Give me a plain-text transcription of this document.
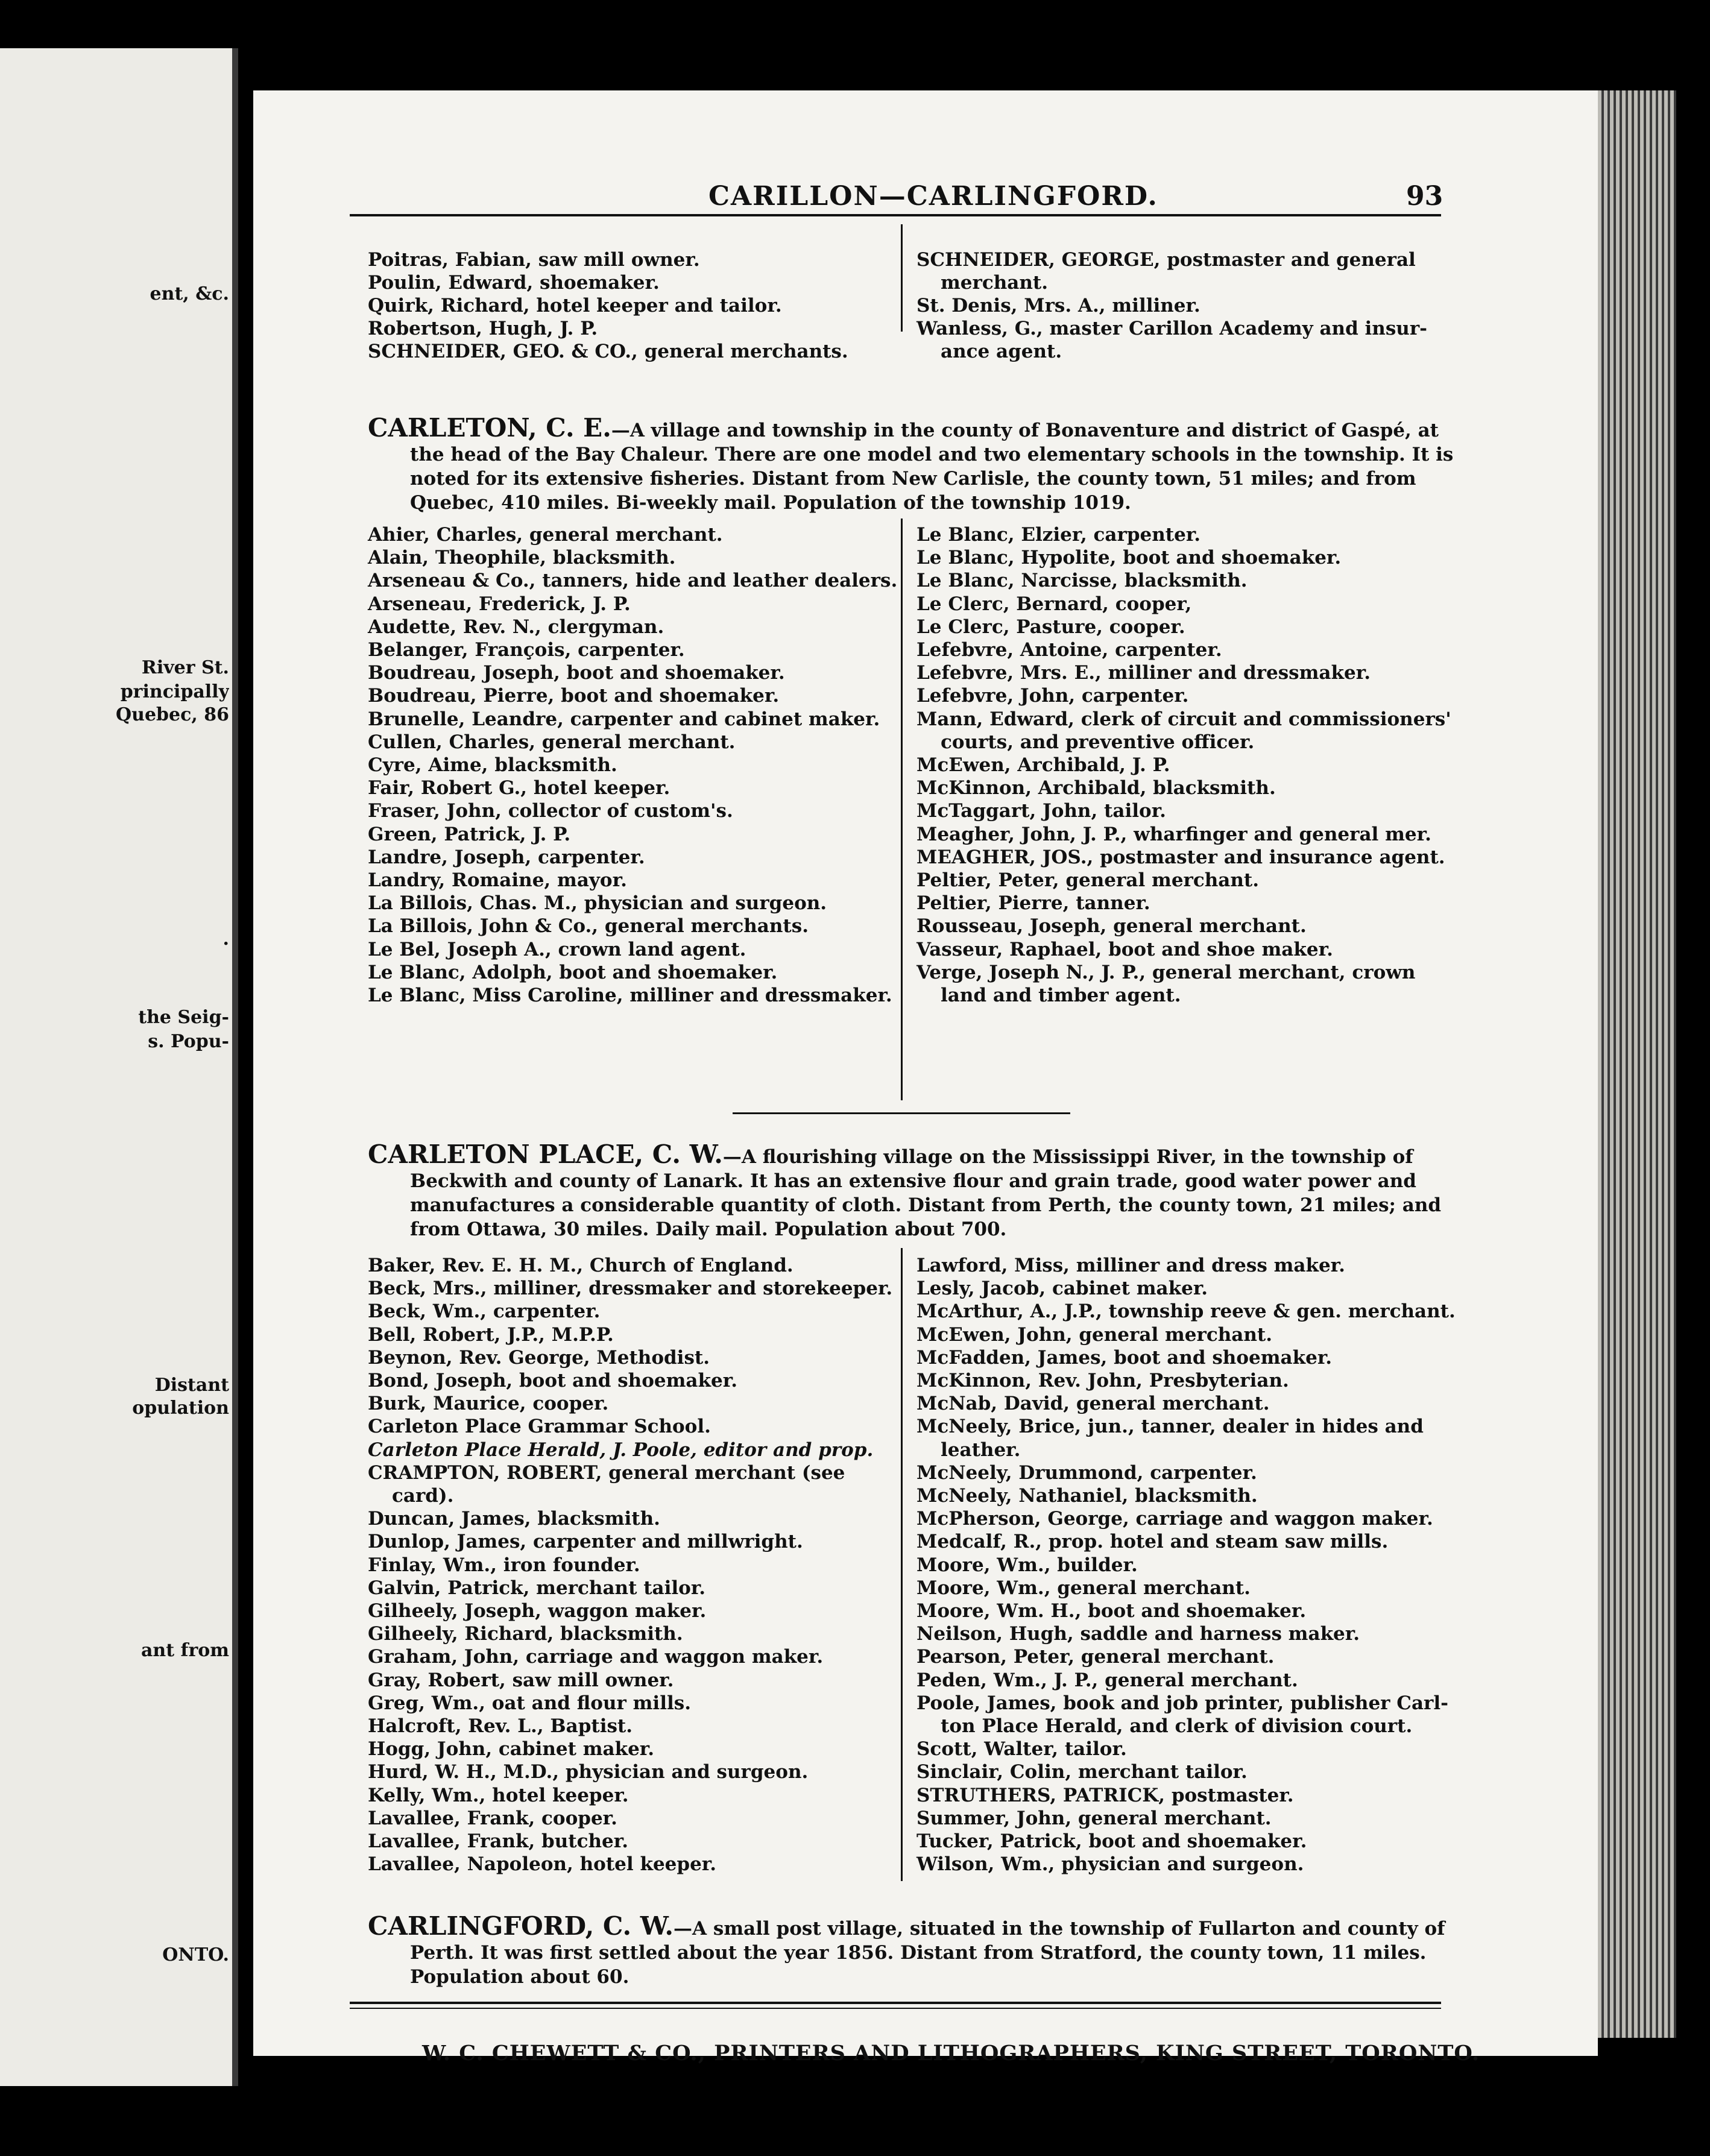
ent, &c.
River St.
principally
Quebec, 86
.
the Seig-
s. Popu-
Distant
opulation
ant from
ONTO.
CARILLON—CARLINGFORD.	93
Poitras, Fabian, saw mill owner.
Poulin, Edward, shoemaker.
Quirk, Richard, hotel keeper and tailor.
Robertson, Hugh, J. P.
SCHNEIDER, GEO. & CO., general merchants.
SCHNEIDER, GEORGE, postmaster and general
merchant.
St. Denis, Mrs. A., milliner.
Wanless, G., master Carillon Academy and insur-
ance agent.
CARLETON, C. E.—A village and township in the county of Bonaventure and district of Gaspé, at
the head of the Bay Chaleur. There are one model and two elementary schools in the township. It is
noted for its extensive fisheries. Distant from New Carlisle, the county town, 51 miles; and from
Quebec, 410 miles. Bi-weekly mail. Population of the township 1019.
Ahier, Charles, general merchant.
Alain, Theophile, blacksmith.
Arseneau & Co., tanners, hide and leather dealers.
Arseneau, Frederick, J. P.
Audette, Rev. N., clergyman.
Belanger, François, carpenter.
Boudreau, Joseph, boot and shoemaker.
Boudreau, Pierre, boot and shoemaker.
Brunelle, Leandre, carpenter and cabinet maker.
Cullen, Charles, general merchant.
Cyre, Aime, blacksmith.
Fair, Robert G., hotel keeper.
Fraser, John, collector of custom's.
Green, Patrick, J. P.
Landre, Joseph, carpenter.
Landry, Romaine, mayor.
La Billois, Chas. M., physician and surgeon.
La Billois, John & Co., general merchants.
Le Bel, Joseph A., crown land agent.
Le Blanc, Adolph, boot and shoemaker.
Le Blanc, Miss Caroline, milliner and dressmaker.
Le Blanc, Elzier, carpenter.
Le Blanc, Hypolite, boot and shoemaker.
Le Blanc, Narcisse, blacksmith.
Le Clerc, Bernard, cooper,
Le Clerc, Pasture, cooper.
Lefebvre, Antoine, carpenter.
Lefebvre, Mrs. E., milliner and dressmaker.
Lefebvre, John, carpenter.
Mann, Edward, clerk of circuit and commissioners'
courts, and preventive officer.
McEwen, Archibald, J. P.
McKinnon, Archibald, blacksmith.
McTaggart, John, tailor.
Meagher, John, J. P., wharfinger and general mer.
MEAGHER, JOS., postmaster and insurance agent.
Peltier, Peter, general merchant.
Peltier, Pierre, tanner.
Rousseau, Joseph, general merchant.
Vasseur, Raphael, boot and shoe maker.
Verge, Joseph N., J. P., general merchant, crown
land and timber agent.
CARLETON PLACE, C. W.—A flourishing village on the Mississippi River, in the township of
Beckwith and county of Lanark. It has an extensive flour and grain trade, good water power and
manufactures a considerable quantity of cloth. Distant from Perth, the county town, 21 miles; and
from Ottawa, 30 miles. Daily mail. Population about 700.
Baker, Rev. E. H. M., Church of England.
Beck, Mrs., milliner, dressmaker and storekeeper.
Beck, Wm., carpenter.
Bell, Robert, J.P., M.P.P.
Beynon, Rev. George, Methodist.
Bond, Joseph, boot and shoemaker.
Burk, Maurice, cooper.
Carleton Place Grammar School.
Carleton Place Herald, J. Poole, editor and prop.
CRAMPTON, ROBERT, general merchant (see
card).
Duncan, James, blacksmith.
Dunlop, James, carpenter and millwright.
Finlay, Wm., iron founder.
Galvin, Patrick, merchant tailor.
Gilheely, Joseph, waggon maker.
Gilheely, Richard, blacksmith.
Graham, John, carriage and waggon maker.
Gray, Robert, saw mill owner.
Greg, Wm., oat and flour mills.
Halcroft, Rev. L., Baptist.
Hogg, John, cabinet maker.
Hurd, W. H., M.D., physician and surgeon.
Kelly, Wm., hotel keeper.
Lavallee, Frank, cooper.
Lavallee, Frank, butcher.
Lavallee, Napoleon, hotel keeper.
Lawford, Miss, milliner and dress maker.
Lesly, Jacob, cabinet maker.
McArthur, A., J.P., township reeve & gen. merchant.
McEwen, John, general merchant.
McFadden, James, boot and shoemaker.
McKinnon, Rev. John, Presbyterian.
McNab, David, general merchant.
McNeely, Brice, jun., tanner, dealer in hides and
leather.
McNeely, Drummond, carpenter.
McNeely, Nathaniel, blacksmith.
McPherson, George, carriage and waggon maker.
Medcalf, R., prop. hotel and steam saw mills.
Moore, Wm., builder.
Moore, Wm., general merchant.
Moore, Wm. H., boot and shoemaker.
Neilson, Hugh, saddle and harness maker.
Pearson, Peter, general merchant.
Peden, Wm., J. P., general merchant.
Poole, James, book and job printer, publisher Carl-
ton Place Herald, and clerk of division court.
Scott, Walter, tailor.
Sinclair, Colin, merchant tailor.
STRUTHERS, PATRICK, postmaster.
Summer, John, general merchant.
Tucker, Patrick, boot and shoemaker.
Wilson, Wm., physician and surgeon.
CARLINGFORD, C. W.—A small post village, situated in the township of Fullarton and county of
Perth. It was first settled about the year 1856. Distant from Stratford, the county town, 11 miles.
Population about 60.
W. C. CHEWETT & CO., PRINTERS AND LITHOGRAPHERS, KING STREET, TORONTO.
